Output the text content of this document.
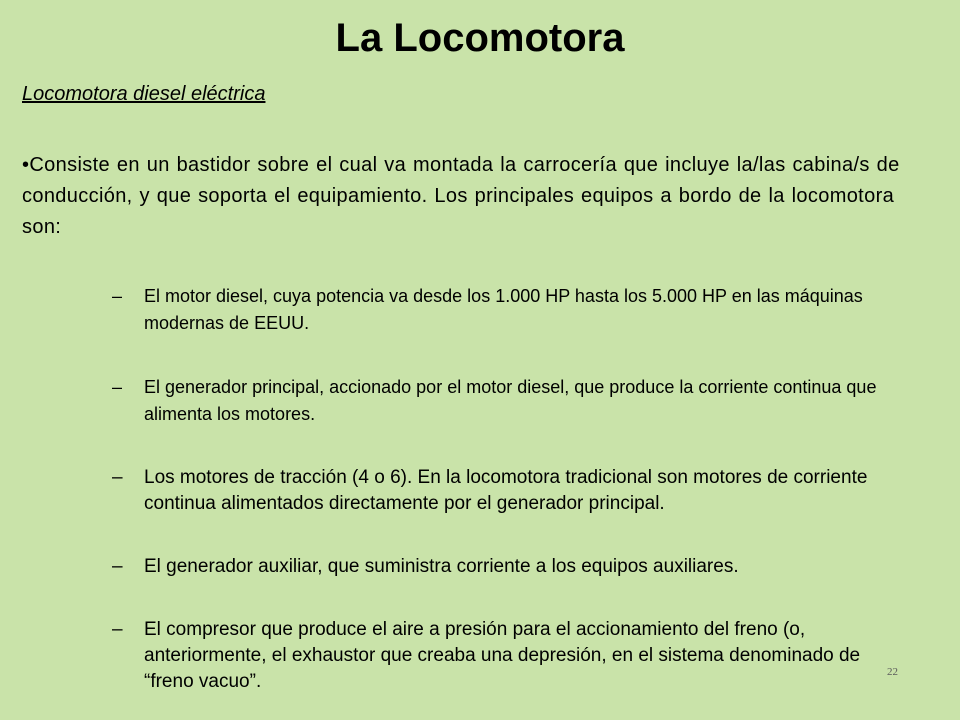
La Locomotora
Locomotora diesel eléctrica
•Consiste en un bastidor sobre el cual va montada la carrocería que incluye la/las cabina/s de conducción, y que soporta el equipamiento. Los principales equipos a bordo de la locomotora son:
– El motor diesel, cuya potencia va desde los 1.000 HP hasta los 5.000 HP en las máquinas modernas de EEUU.
– El generador principal, accionado por el motor diesel, que produce la corriente continua que alimenta los motores.
– Los motores de tracción (4 o 6). En la locomotora tradicional son motores de corriente continua alimentados directamente por el generador principal.
– El generador auxiliar, que suministra corriente a los equipos auxiliares.
– El compresor que produce el aire a presión para el accionamiento del freno (o, anteriormente, el exhaustor que creaba una depresión, en el sistema denominado de “freno vacuo”.	22
